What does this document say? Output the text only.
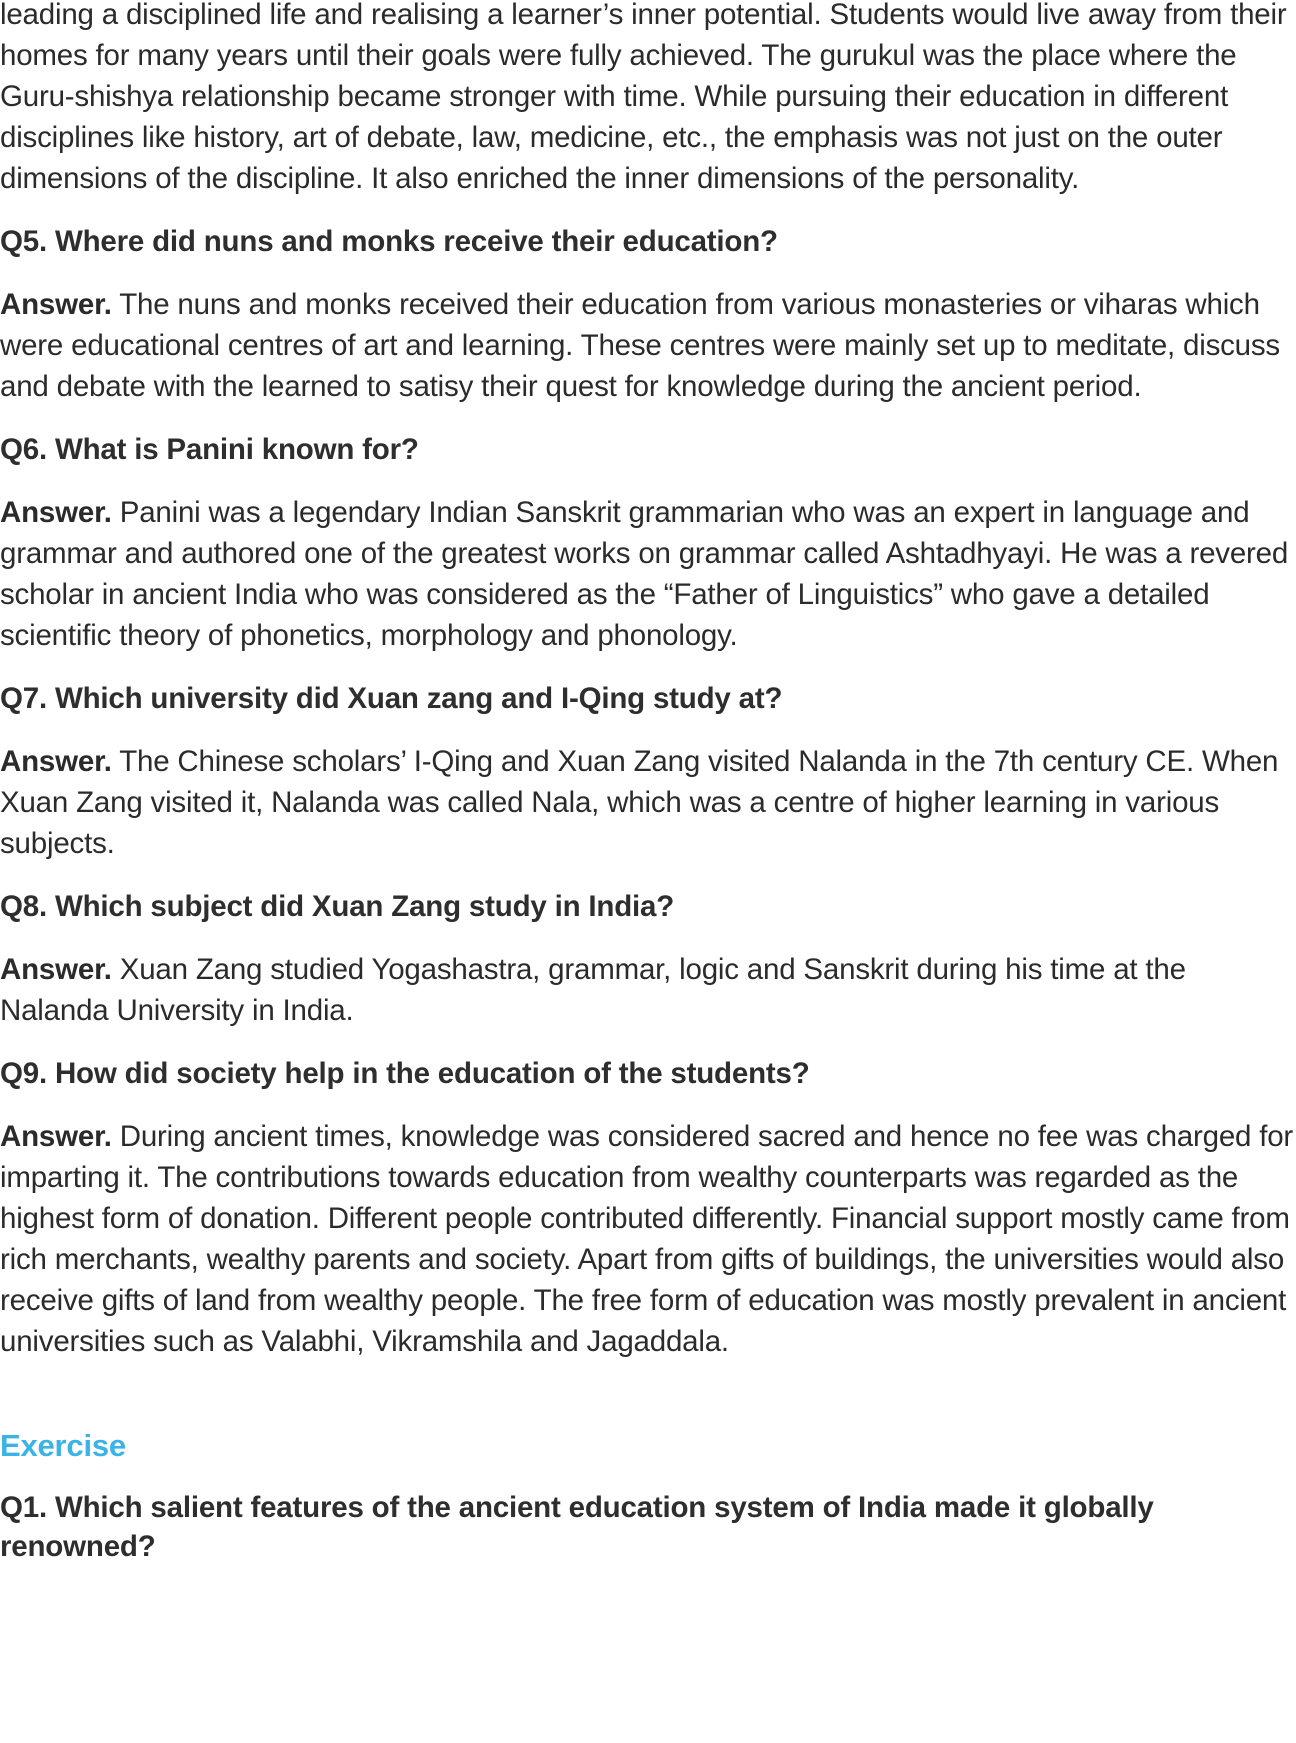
leading a disciplined life and realising a learner’s inner potential. Students would live away from their homes for many years until their goals were fully achieved. The gurukul was the place where the Guru-shishya relationship became stronger with time. While pursuing their education in different disciplines like history, art of debate, law, medicine, etc., the emphasis was not just on the outer dimensions of the discipline. It also enriched the inner dimensions of the personality.

Q5. Where did nuns and monks receive their education?

Answer. The nuns and monks received their education from various monasteries or viharas which were educational centres of art and learning. These centres were mainly set up to meditate, discuss and debate with the learned to satisy their quest for knowledge during the ancient period.

Q6. What is Panini known for?

Answer. Panini was a legendary Indian Sanskrit grammarian who was an expert in language and grammar and authored one of the greatest works on grammar called Ashtadhyayi. He was a revered scholar in ancient India who was considered as the “Father of Linguistics” who gave a detailed scientific theory of phonetics, morphology and phonology.

Q7. Which university did Xuan zang and I-Qing study at?

Answer. The Chinese scholars’ I-Qing and Xuan Zang visited Nalanda in the 7th century CE. When Xuan Zang visited it, Nalanda was called Nala, which was a centre of higher learning in various subjects.

Q8. Which subject did Xuan Zang study in India?

Answer. Xuan Zang studied Yogashastra, grammar, logic and Sanskrit during his time at the Nalanda University in India.

Q9. How did society help in the education of the students?

Answer. During ancient times, knowledge was considered sacred and hence no fee was charged for imparting it. The contributions towards education from wealthy counterparts was regarded as the highest form of donation. Different people contributed differently. Financial support mostly came from rich merchants, wealthy parents and society. Apart from gifts of buildings, the universities would also receive gifts of land from wealthy people. The free form of education was mostly prevalent in ancient universities such as Valabhi, Vikramshila and Jagaddala.

Exercise

Q1. Which salient features of the ancient education system of India made it globally renowned?
